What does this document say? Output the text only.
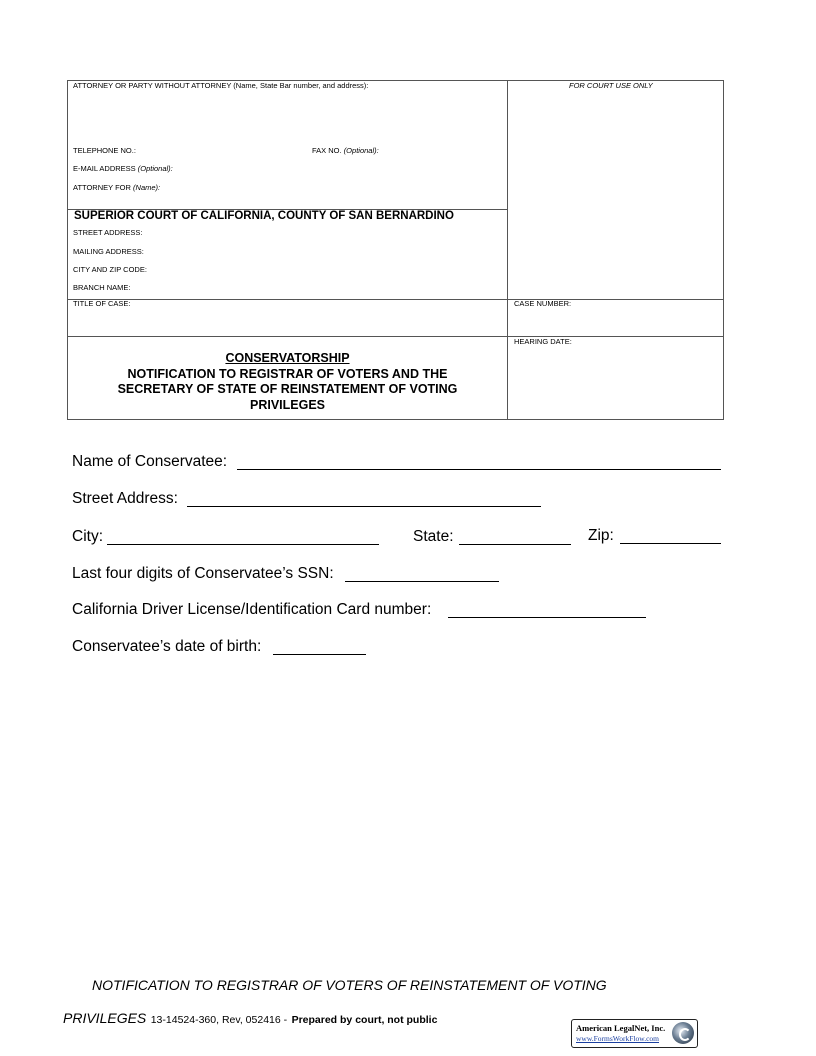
ATTORNEY OR PARTY WITHOUT ATTORNEY (Name, State Bar number, and address):	FOR COURT USE ONLY
TELEPHONE NO.:	FAX NO. (Optional):
E-MAIL ADDRESS (Optional):
ATTORNEY FOR (Name):
SUPERIOR COURT OF CALIFORNIA, COUNTY OF SAN BERNARDINO
STREET ADDRESS:
MAILING ADDRESS:
CITY AND ZIP CODE:
BRANCH NAME:
TITLE OF CASE:	CASE NUMBER:
HEARING DATE:
CONSERVATORSHIP
NOTIFICATION TO REGISTRAR OF VOTERS AND THE
SECRETARY OF STATE OF REINSTATEMENT OF VOTING
PRIVILEGES
Name of Conservatee:
Street Address:
City:	State:	Zip:
Last four digits of Conservatee’s SSN:
California Driver License/Identification Card number:
Conservatee’s date of birth:
NOTIFICATION TO REGISTRAR OF VOTERS OF REINSTATEMENT OF VOTING
PRIVILEGES 13-14524-360, Rev, 052416 - Prepared by court, not public
American LegalNet, Inc.
www.FormsWorkFlow.com
